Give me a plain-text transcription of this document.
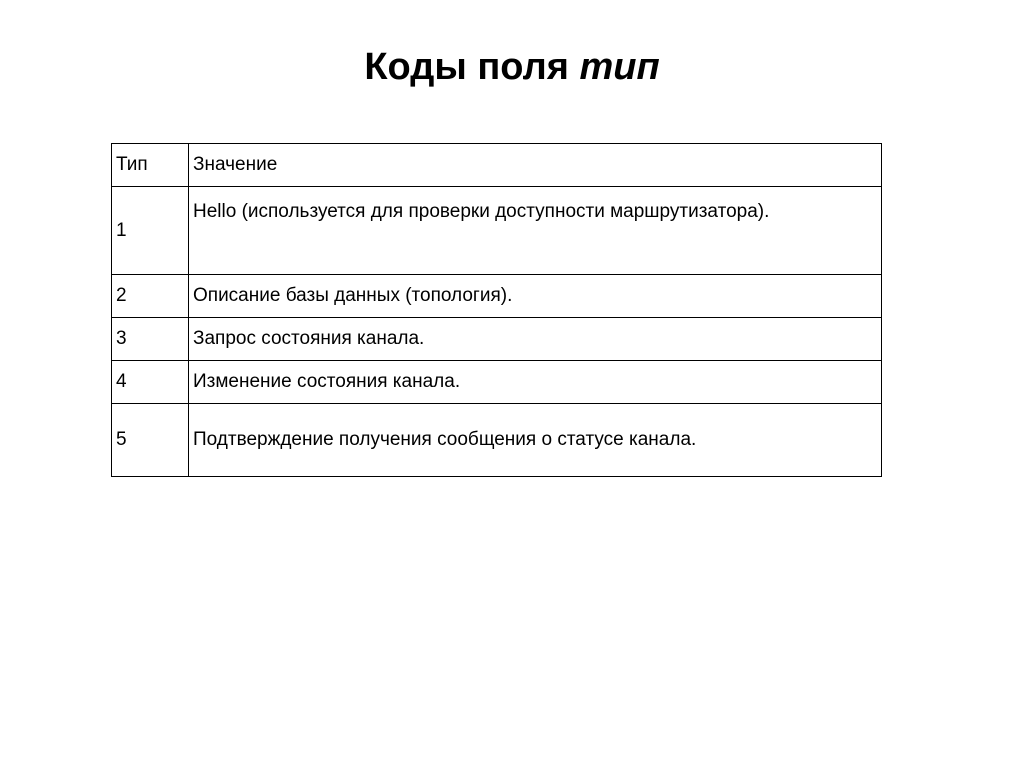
Коды поля тип
Тип	Значение
1	Hello (используется для проверки доступности маршрутизатора).
2	Описание базы данных (топология).
3	Запрос состояния канала.
4	Изменение состояния канала.
5	Подтверждение получения сообщения о статусе канала.
